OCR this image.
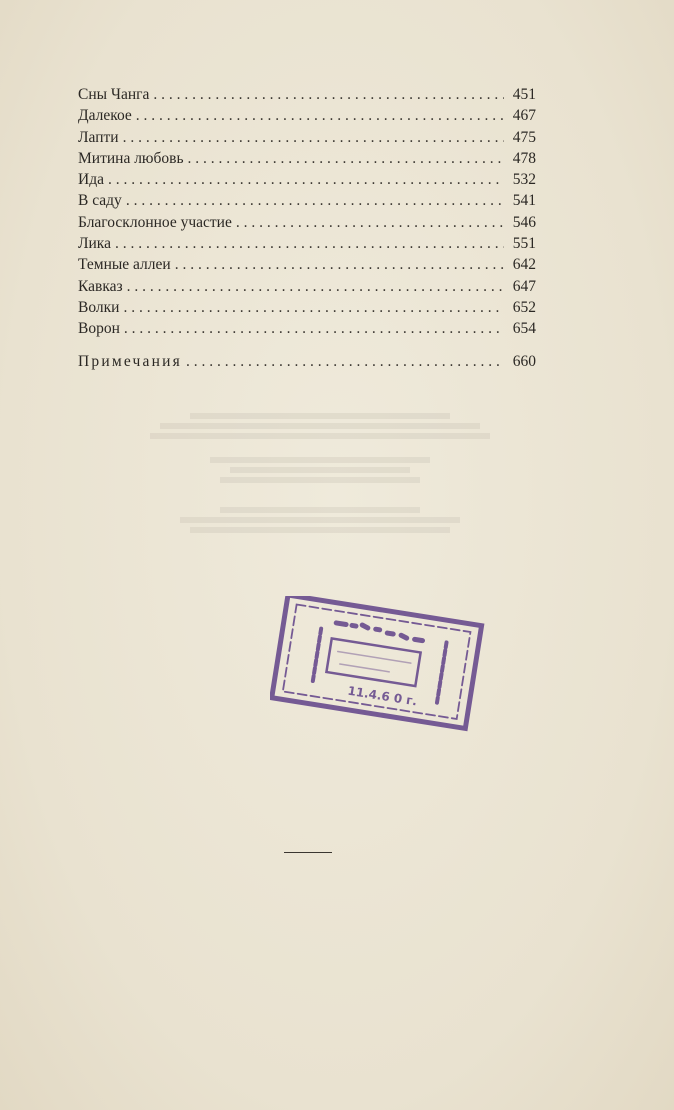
Сны Чанга . . .	451
Далекое . . .	467
Лапти . . .	475
Митина любовь . . .	478
Ида . . .	532
В саду . . .	541
Благосклонное участие . . .	546
Лика . . .	551
Темные аллеи . . .	642
Кавказ . . .	647
Волки . . .	652
Ворон . . .	654
Примечания . . .	660
11.4.6 0 г.
